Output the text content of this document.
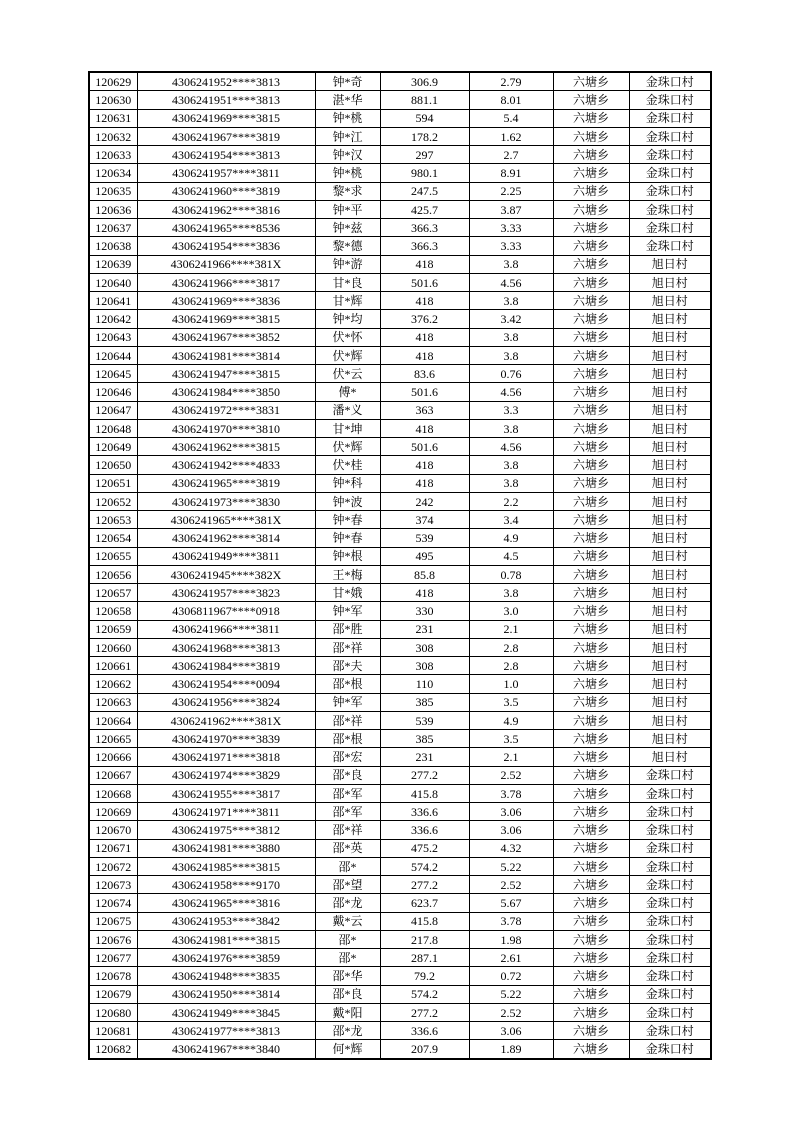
120629	4306241952****3813	钟*奇	306.9	2.79	六塘乡	金珠口村
120630	4306241951****3813	湛*华	881.1	8.01	六塘乡	金珠口村
120631	4306241969****3815	钟*桃	594	5.4	六塘乡	金珠口村
120632	4306241967****3819	钟*江	178.2	1.62	六塘乡	金珠口村
120633	4306241954****3813	钟*汉	297	2.7	六塘乡	金珠口村
120634	4306241957****3811	钟*桃	980.1	8.91	六塘乡	金珠口村
120635	4306241960****3819	黎*求	247.5	2.25	六塘乡	金珠口村
120636	4306241962****3816	钟*平	425.7	3.87	六塘乡	金珠口村
120637	4306241965****8536	钟*兹	366.3	3.33	六塘乡	金珠口村
120638	4306241954****3836	黎*德	366.3	3.33	六塘乡	金珠口村
120639	4306241966****381X	钟*游	418	3.8	六塘乡	旭日村
120640	4306241966****3817	甘*良	501.6	4.56	六塘乡	旭日村
120641	4306241969****3836	甘*辉	418	3.8	六塘乡	旭日村
120642	4306241969****3815	钟*均	376.2	3.42	六塘乡	旭日村
120643	4306241967****3852	伏*怀	418	3.8	六塘乡	旭日村
120644	4306241981****3814	伏*辉	418	3.8	六塘乡	旭日村
120645	4306241947****3815	伏*云	83.6	0.76	六塘乡	旭日村
120646	4306241984****3850	傅*	501.6	4.56	六塘乡	旭日村
120647	4306241972****3831	潘*义	363	3.3	六塘乡	旭日村
120648	4306241970****3810	甘*坤	418	3.8	六塘乡	旭日村
120649	4306241962****3815	伏*辉	501.6	4.56	六塘乡	旭日村
120650	4306241942****4833	伏*桂	418	3.8	六塘乡	旭日村
120651	4306241965****3819	钟*科	418	3.8	六塘乡	旭日村
120652	4306241973****3830	钟*波	242	2.2	六塘乡	旭日村
120653	4306241965****381X	钟*春	374	3.4	六塘乡	旭日村
120654	4306241962****3814	钟*春	539	4.9	六塘乡	旭日村
120655	4306241949****3811	钟*根	495	4.5	六塘乡	旭日村
120656	4306241945****382X	王*梅	85.8	0.78	六塘乡	旭日村
120657	4306241957****3823	甘*娥	418	3.8	六塘乡	旭日村
120658	4306811967****0918	钟*军	330	3.0	六塘乡	旭日村
120659	4306241966****3811	邵*胜	231	2.1	六塘乡	旭日村
120660	4306241968****3813	邵*祥	308	2.8	六塘乡	旭日村
120661	4306241984****3819	邵*夫	308	2.8	六塘乡	旭日村
120662	4306241954****0094	邵*根	110	1.0	六塘乡	旭日村
120663	4306241956****3824	钟*军	385	3.5	六塘乡	旭日村
120664	4306241962****381X	邵*祥	539	4.9	六塘乡	旭日村
120665	4306241970****3839	邵*根	385	3.5	六塘乡	旭日村
120666	4306241971****3818	邵*宏	231	2.1	六塘乡	旭日村
120667	4306241974****3829	邵*良	277.2	2.52	六塘乡	金珠口村
120668	4306241955****3817	邵*军	415.8	3.78	六塘乡	金珠口村
120669	4306241971****3811	邵*军	336.6	3.06	六塘乡	金珠口村
120670	4306241975****3812	邵*祥	336.6	3.06	六塘乡	金珠口村
120671	4306241981****3880	邵*英	475.2	4.32	六塘乡	金珠口村
120672	4306241985****3815	邵*	574.2	5.22	六塘乡	金珠口村
120673	4306241958****9170	邵*望	277.2	2.52	六塘乡	金珠口村
120674	4306241965****3816	邵*龙	623.7	5.67	六塘乡	金珠口村
120675	4306241953****3842	戴*云	415.8	3.78	六塘乡	金珠口村
120676	4306241981****3815	邵*	217.8	1.98	六塘乡	金珠口村
120677	4306241976****3859	邵*	287.1	2.61	六塘乡	金珠口村
120678	4306241948****3835	邵*华	79.2	0.72	六塘乡	金珠口村
120679	4306241950****3814	邵*良	574.2	5.22	六塘乡	金珠口村
120680	4306241949****3845	戴*阳	277.2	2.52	六塘乡	金珠口村
120681	4306241977****3813	邵*龙	336.6	3.06	六塘乡	金珠口村
120682	4306241967****3840	何*辉	207.9	1.89	六塘乡	金珠口村
